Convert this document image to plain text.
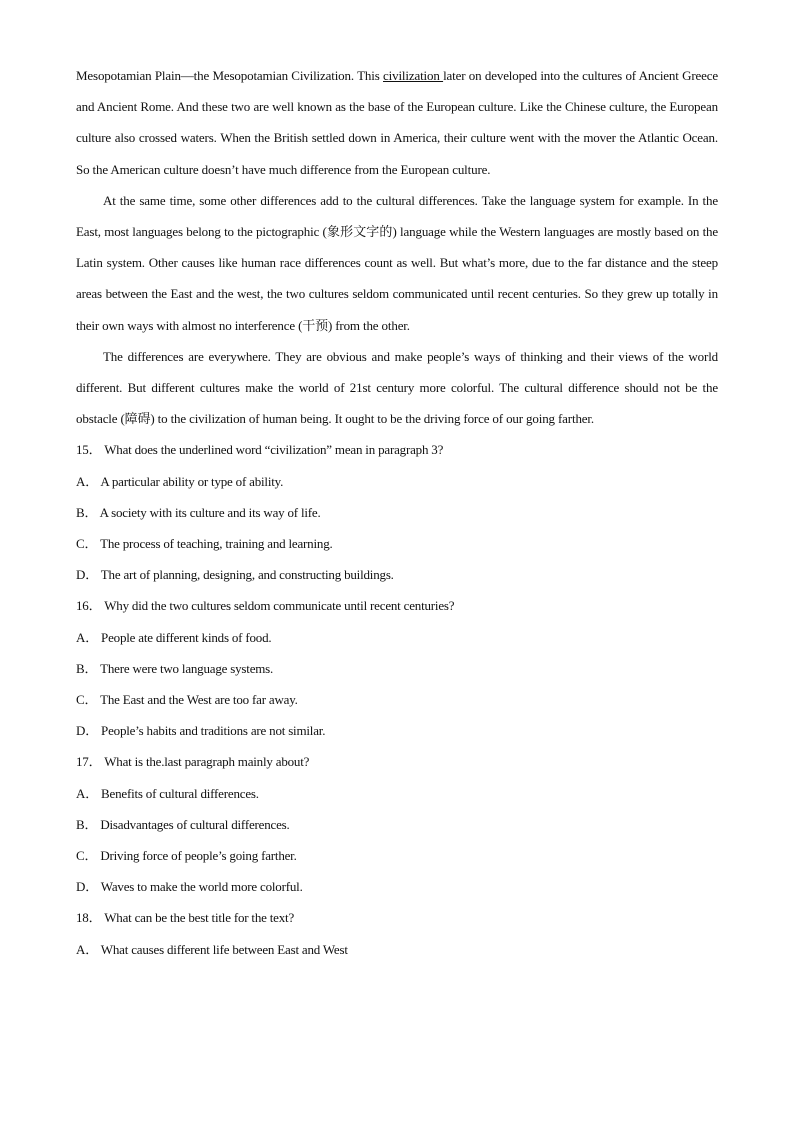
Mesopotamian Plain—the Mesopotamian Civilization. This civilization later on developed into the cultures of Ancient Greece and Ancient Rome. And these two are well known as the base of the European culture. Like the Chinese culture, the European culture also crossed waters. When the British settled down in America, their culture went with the mover the Atlantic Ocean. So the American culture doesn’t have much difference from the European culture.

At the same time, some other differences add to the cultural differences. Take the language system for example. In the East, most languages belong to the pictographic (象形文字的) language while the Western languages are mostly based on the Latin system. Other causes like human race differences count as well. But what’s more, due to the far distance and the steep areas between the East and the west, the two cultures seldom communicated until recent centuries. So they grew up totally in their own ways with almost no interference (干预) from the other.

The differences are everywhere. They are obvious and make people’s ways of thinking and their views of the world different. But different cultures make the world of 21st century more colorful. The cultural difference should not be the obstacle (障碍) to the civilization of human being. It ought to be the driving force of our going farther.

15． What does the underlined word “civilization” mean in paragraph 3?

A． A particular ability or type of ability.

B． A society with its culture and its way of life.

C． The process of teaching, training and learning.

D． The art of planning, designing, and constructing buildings.

16． Why did the two cultures seldom communicate until recent centuries?

A． People ate different kinds of food.

B． There were two language systems.

C． The East and the West are too far away.

D． People’s habits and traditions are not similar.

17． What is the.last paragraph mainly about?

A． Benefits of cultural differences.

B． Disadvantages of cultural differences.

C． Driving force of people’s going farther.

D． Waves to make the world more colorful.

18． What can be the best title for the text?

A． What causes different life between East and West
